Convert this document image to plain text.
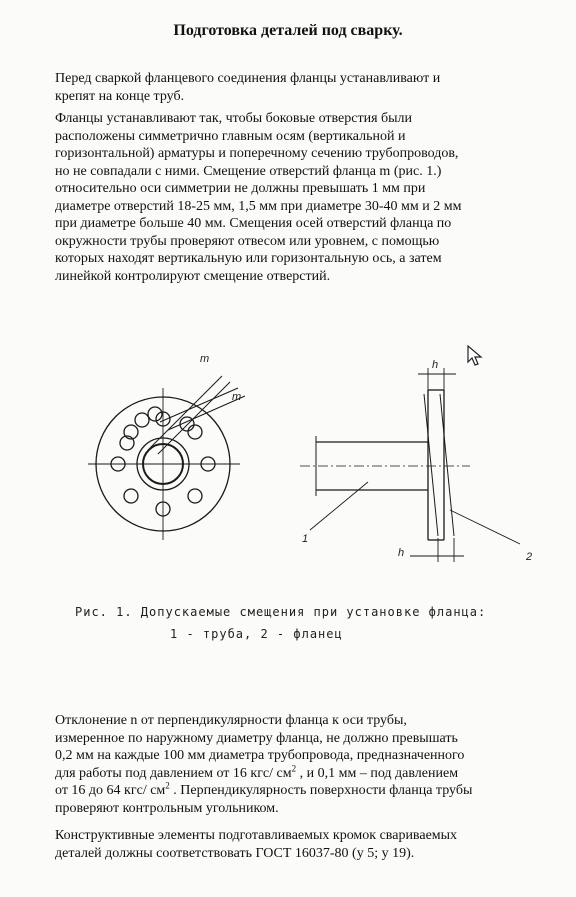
Подготовка деталей под сварку.

Перед сваркой фланцевого соединения фланцы устанавливают и
крепят на конце труб.

Фланцы устанавливают так, чтобы боковые отверстия были
расположены симметрично главным осям (вертикальной и
горизонтальной) арматуры и поперечному сечению трубопроводов,
но не совпадали с ними. Смещение отверстий фланца m (рис. 1.)
относительно оси симметрии не должны превышать 1 мм при
диаметре отверстий 18-25 мм, 1,5 мм при диаметре 30-40 мм и 2 мм
при диаметре больше 40 мм. Смещения осей отверстий фланца по
окружности трубы проверяют отвесом или уровнем, с помощью
которых находят вертикальную или горизонтальную ось, а затем
линейкой контролируют смещение отверстий.

m
m
h
h
1
2
Рис. 1. Допускаемые смещения при установке фланца:
1 - труба, 2 - фланец

Отклонение n от перпендикулярности фланца к оси трубы,
измеренное по наружному диаметру фланца, не должно превышать
0,2 мм на каждые 100 мм диаметра трубопровода, предназначенного
для работы под давлением от 16 кгс/ $см^2$ , и 0,1 мм – под давлением
от 16 до 64 кгс/ $см^2$ . Перпендикулярность поверхности фланца трубы
проверяют контрольным угольником.

Конструктивные элементы подготавливаемых кромок свариваемых
деталей должны соответствовать ГОСТ 16037-80 (у 5; у 19).
